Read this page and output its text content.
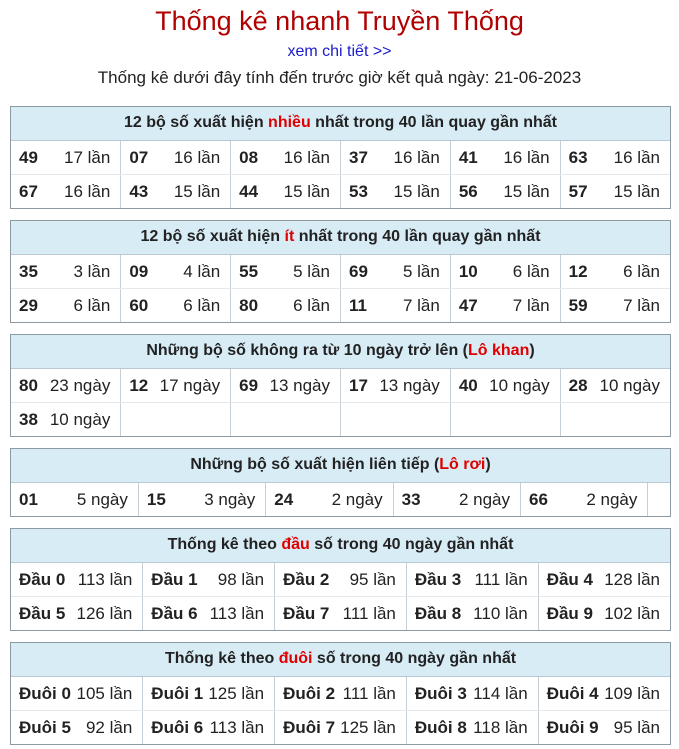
Thống kê nhanh Truyền Thống
xem chi tiết >>
Thống kê dưới đây tính đến trước giờ kết quả ngày: 21-06-2023
12 bộ số xuất hiện nhiều nhất trong 40 lần quay gần nhất
49 17 lần	07 16 lần	08 16 lần	37 16 lần	41 16 lần	63 16 lần

67 16 lần	43 15 lần	44 15 lần	53 15 lần	56 15 lần	57 15 lần
12 bộ số xuất hiện ít nhất trong 40 lần quay gần nhất
35 3 lần	09 4 lần	55 5 lần	69 5 lần	10 6 lần	12 6 lần

29 6 lần	60 6 lần	80 6 lần	11 7 lần	47 7 lần	59 7 lần
Những bộ số không ra từ 10 ngày trở lên (Lô khan)
80 23 ngày	12 17 ngày	69 13 ngày	17 13 ngày	40 10 ngày	28 10 ngày

38 10 ngày					

Những bộ số xuất hiện liên tiếp (Lô rơi)
01 5 ngày	15 3 ngày	24 2 ngày	33 2 ngày	66 2 ngày

Thống kê theo đầu số trong 40 ngày gần nhất
Đầu 0 113 lần	Đầu 1 98 lần	Đầu 2 95 lần	Đầu 3 111 lần	Đầu 4 128 lần

Đầu 5 126 lần	Đầu 6 113 lần	Đầu 7 111 lần	Đầu 8 110 lần	Đầu 9 102 lần
Thống kê theo đuôi số trong 40 ngày gần nhất
Đuôi 0 105 lần	Đuôi 1 125 lần	Đuôi 2 111 lần	Đuôi 3 114 lần	Đuôi 4 109 lần

Đuôi 5 92 lần	Đuôi 6 113 lần	Đuôi 7 125 lần	Đuôi 8 118 lần	Đuôi 9 95 lần
